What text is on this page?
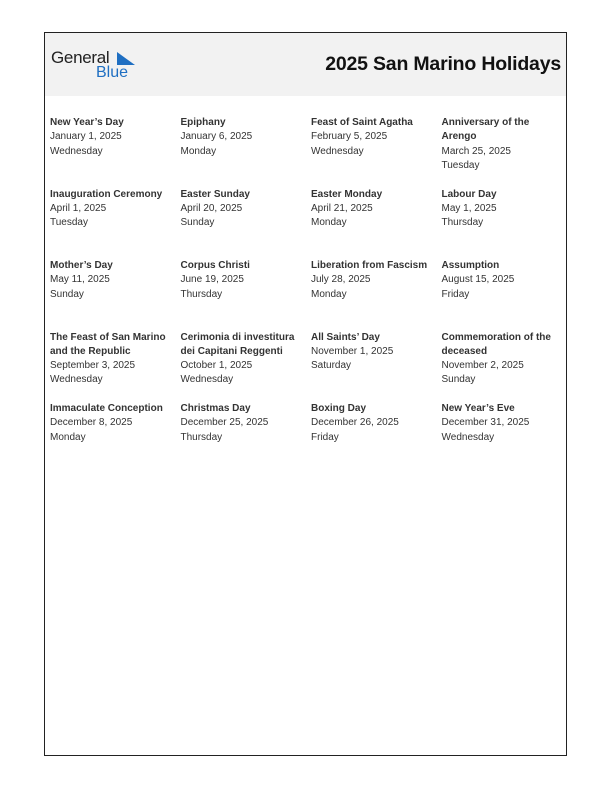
General
Blue	2025 San Marino Holidays
New Year’s Day
January 1, 2025
Wednesday
Epiphany
January 6, 2025
Monday
Feast of Saint Agatha
February 5, 2025
Wednesday
Anniversary of the Arengo
March 25, 2025
Tuesday
Inauguration Ceremony
April 1, 2025
Tuesday
Easter Sunday
April 20, 2025
Sunday
Easter Monday
April 21, 2025
Monday
Labour Day
May 1, 2025
Thursday
Mother’s Day
May 11, 2025
Sunday
Corpus Christi
June 19, 2025
Thursday
Liberation from Fascism
July 28, 2025
Monday
Assumption
August 15, 2025
Friday
The Feast of San Marino and the Republic
September 3, 2025
Wednesday
Cerimonia di investitura dei Capitani Reggenti
October 1, 2025
Wednesday
All Saints’ Day
November 1, 2025
Saturday
Commemoration of the deceased
November 2, 2025
Sunday
Immaculate Conception
December 8, 2025
Monday
Christmas Day
December 25, 2025
Thursday
Boxing Day
December 26, 2025
Friday
New Year’s Eve
December 31, 2025
Wednesday
